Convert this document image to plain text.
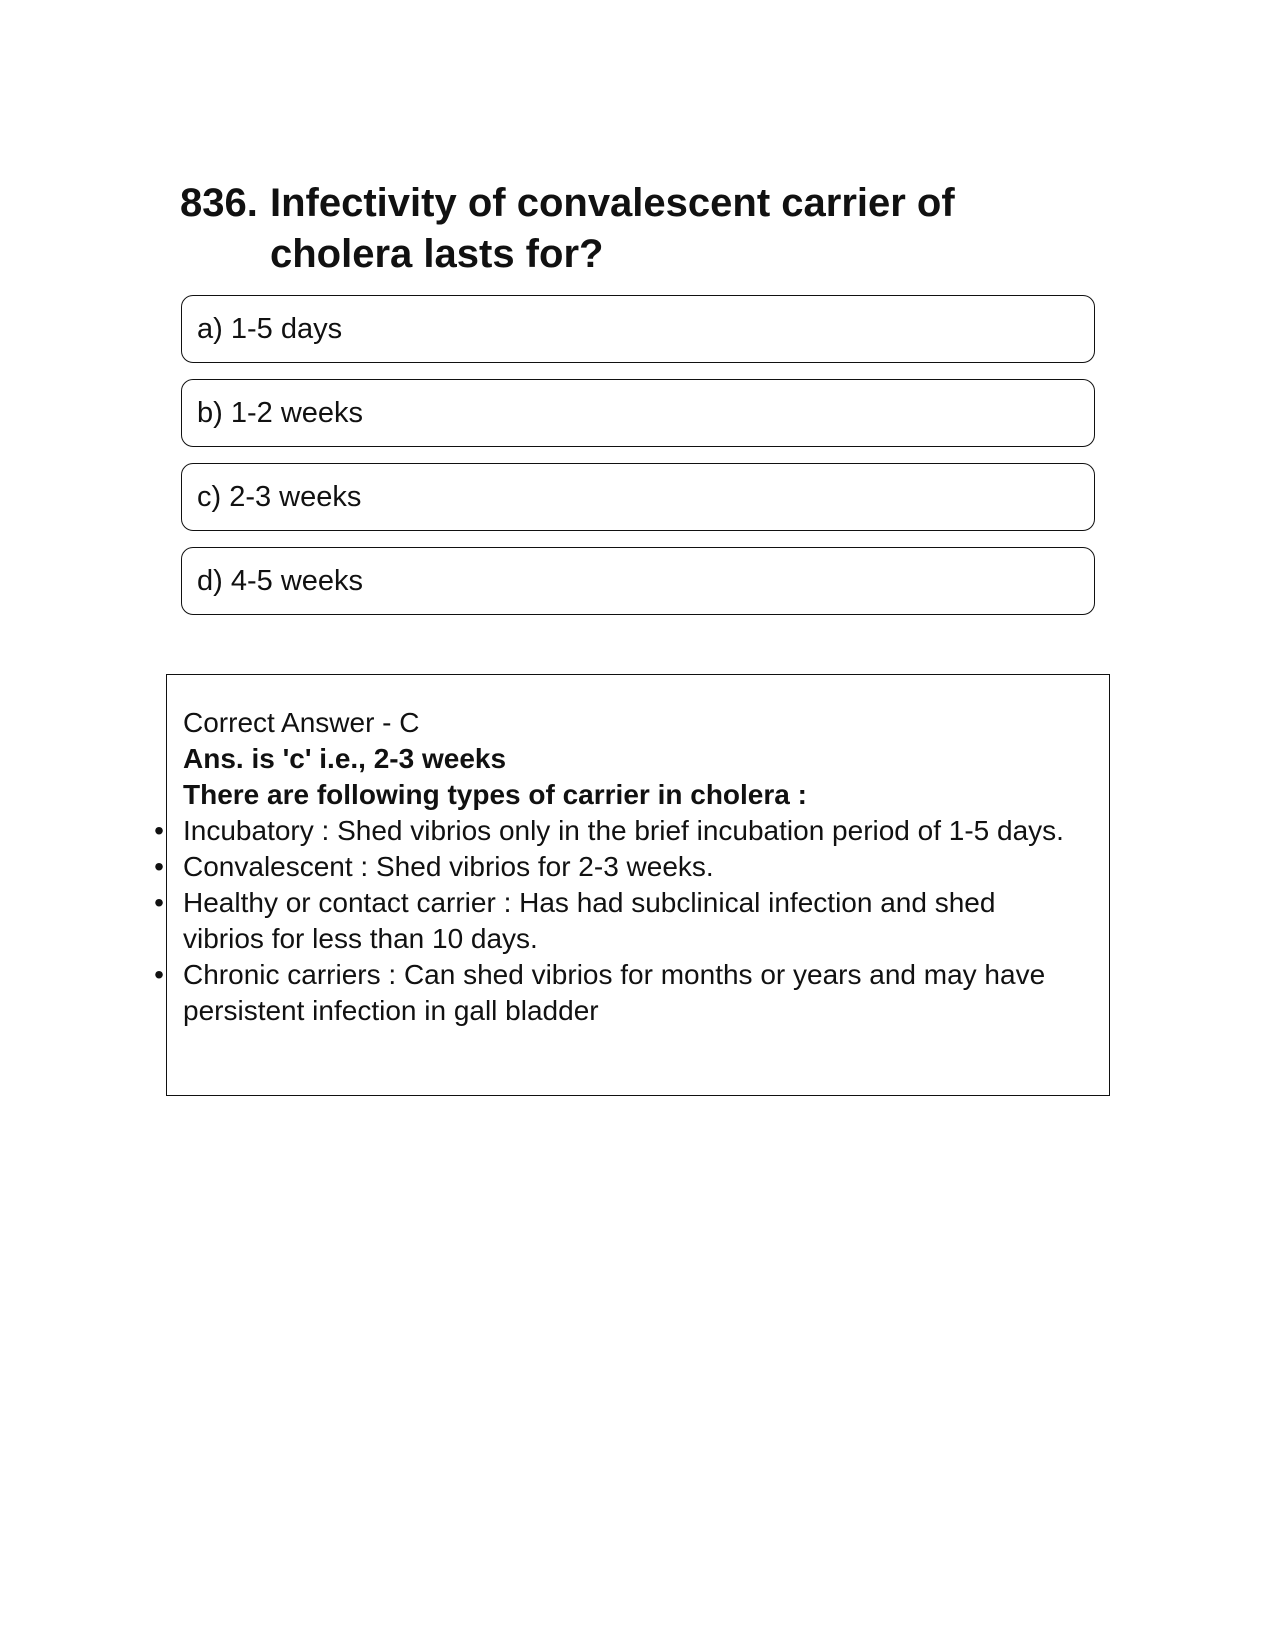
836. Infectivity of convalescent carrier of cholera lasts for?
a) 1-5 days
b) 1-2 weeks
c) 2-3 weeks
d) 4-5 weeks
Correct Answer - C
Ans. is 'c' i.e., 2-3 weeks
There are following types of carrier in cholera :
• Incubatory : Shed vibrios only in the brief incubation period of 1-5 days.
• Convalescent : Shed vibrios for 2-3 weeks.
• Healthy or contact carrier : Has had subclinical infection and shed vibrios for less than 10 days.
• Chronic carriers : Can shed vibrios for months or years and may have persistent infection in gall bladder
